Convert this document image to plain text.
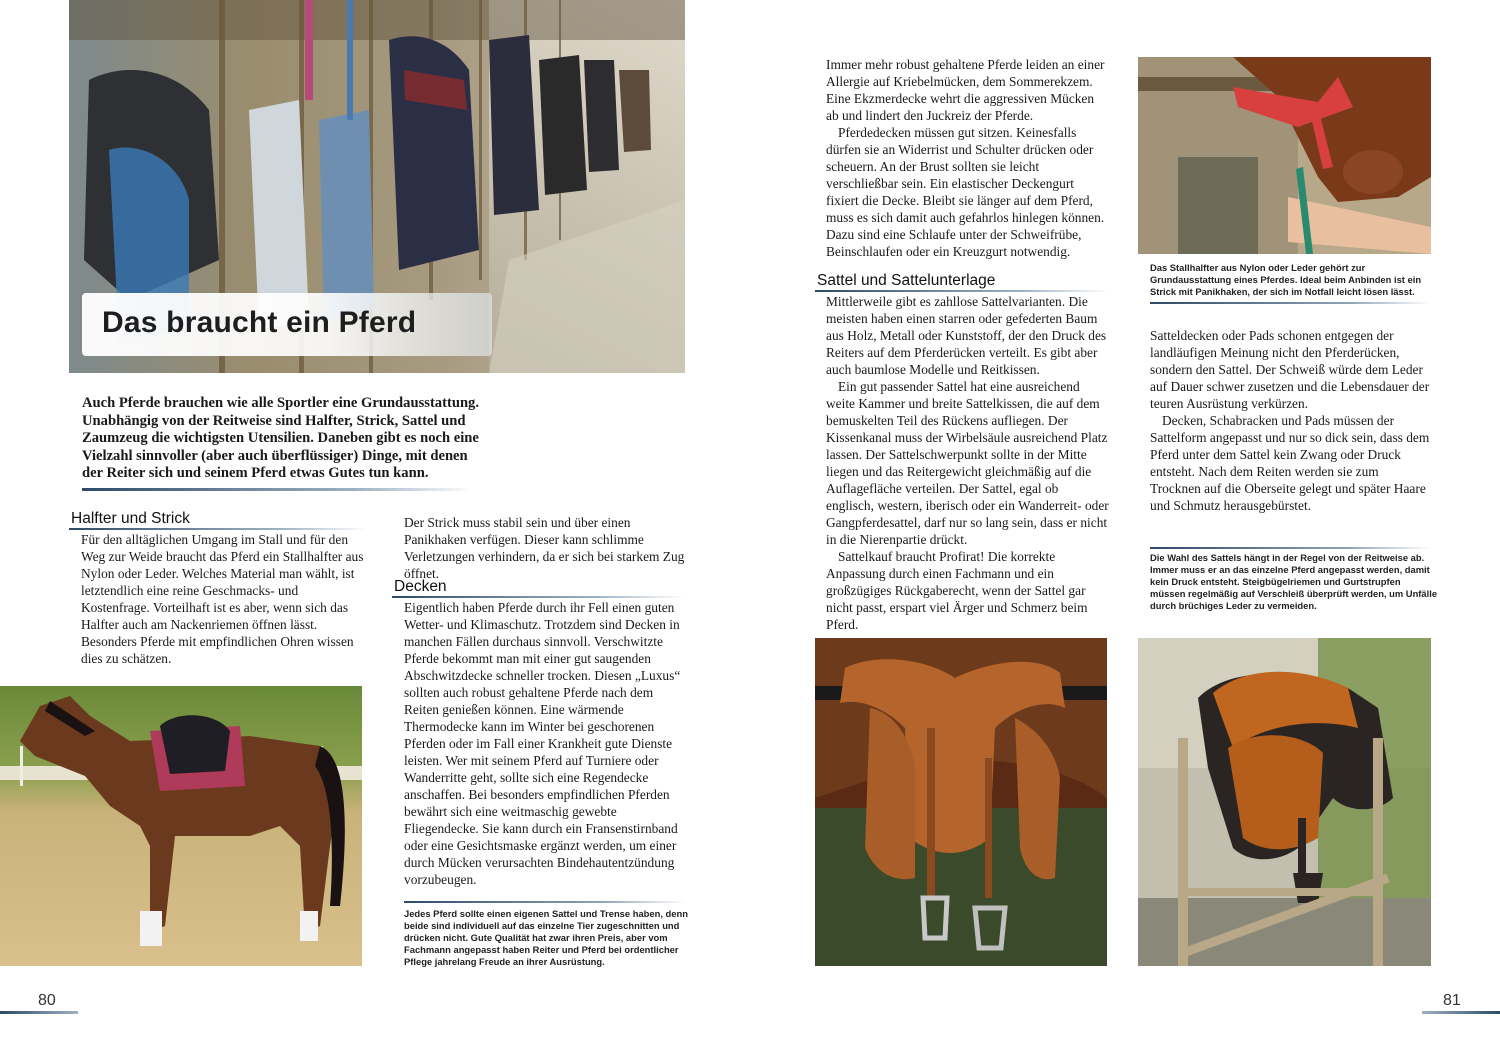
Das braucht ein Pferd

Auch Pferde brauchen wie alle Sportler eine Grundausstattung. Unabhängig von der Reitweise sind Halfter, Strick, Sattel und Zaumzeug die wichtigsten Utensilien. Daneben gibt es noch eine Vielzahl sinnvoller (aber auch überflüssiger) Dinge, mit denen der Reiter sich und seinem Pferd etwas Gutes tun kann.

Halfter und Strick

Für den alltäglichen Umgang im Stall und für den Weg zur Weide braucht das Pferd ein Stallhalfter aus Nylon oder Leder. Welches Material man wählt, ist letztendlich eine reine Geschmacks- und Kostenfrage. Vorteilhaft ist es aber, wenn sich das Halfter auch am Nackenriemen öffnen lässt. Besonders Pferde mit empfindlichen Ohren wissen dies zu schätzen.

Der Strick muss stabil sein und über einen Panikhaken verfügen. Dieser kann schlimme Verletzungen verhindern, da er sich bei starkem Zug öffnet.

Decken

Eigentlich haben Pferde durch ihr Fell einen guten Wetter- und Klimaschutz. Trotzdem sind Decken in manchen Fällen durchaus sinnvoll. Verschwitzte Pferde bekommt man mit einer gut saugenden Abschwitzdecke schneller trocken. Diesen „Luxus“ sollten auch robust gehaltene Pferde nach dem Reiten genießen können. Eine wärmende Thermodecke kann im Winter bei geschorenen Pferden oder im Fall einer Krankheit gute Dienste leisten. Wer mit seinem Pferd auf Turniere oder Wanderritte geht, sollte sich eine Regendecke anschaffen. Bei besonders empfindlichen Pferden bewährt sich eine weitmaschig gewebte Fliegendecke. Sie kann durch ein Fransenstirnband oder eine Gesichtsmaske ergänzt werden, um einer durch Mücken verursachten Bindehautentzündung vorzubeugen.

Jedes Pferd sollte einen eigenen Sattel und Trense haben, denn beide sind individuell auf das einzelne Tier zugeschnitten und drücken nicht. Gute Qualität hat zwar ihren Preis, aber vom Fachmann angepasst haben Reiter und Pferd bei ordentlicher Pflege jahrelang Freude an ihrer Ausrüstung.

80

Immer mehr robust gehaltene Pferde leiden an einer Allergie auf Kriebelmücken, dem Sommerekzem. Eine Ekzmerdecke wehrt die aggressiven Mücken ab und lindert den Juckreiz der Pferde.

Pferdedecken müssen gut sitzen. Keinesfalls dürfen sie an Widerrist und Schulter drücken oder scheuern. An der Brust sollten sie leicht verschließbar sein. Ein elastischer Deckengurt fixiert die Decke. Bleibt sie länger auf dem Pferd, muss es sich damit auch gefahrlos hinlegen können. Dazu sind eine Schlaufe unter der Schweifrübe, Beinschlaufen oder ein Kreuzgurt notwendig.

Sattel und Sattelunterlage

Mittlerweile gibt es zahllose Sattelvarianten. Die meisten haben einen starren oder gefederten Baum aus Holz, Metall oder Kunststoff, der den Druck des Reiters auf dem Pferderücken verteilt. Es gibt aber auch baumlose Modelle und Reitkissen.

Ein gut passender Sattel hat eine ausreichend weite Kammer und breite Sattelkissen, die auf dem bemuskelten Teil des Rückens aufliegen. Der Kissenkanal muss der Wirbelsäule ausreichend Platz lassen. Der Sattelschwerpunkt sollte in der Mitte liegen und das Reitergewicht gleichmäßig auf die Auflagefläche verteilen. Der Sattel, egal ob englisch, western, iberisch oder ein Wanderreit- oder Gangpferdesattel, darf nur so lang sein, dass er nicht in die Nierenpartie drückt.

Sattelkauf braucht Profirat! Die korrekte Anpassung durch einen Fachmann und ein großzügiges Rückgaberecht, wenn der Sattel gar nicht passt, erspart viel Ärger und Schmerz beim Pferd.

Das Stallhalfter aus Nylon oder Leder gehört zur Grundausstattung eines Pferdes. Ideal beim Anbinden ist ein Strick mit Panikhaken, der sich im Notfall leicht lösen lässt.

Satteldecken oder Pads schonen entgegen der landläufigen Meinung nicht den Pferderücken, sondern den Sattel. Der Schweiß würde dem Leder auf Dauer schwer zusetzen und die Lebensdauer der teuren Ausrüstung verkürzen.

Decken, Schabracken und Pads müssen der Sattelform angepasst und nur so dick sein, dass dem Pferd unter dem Sattel kein Zwang oder Druck entsteht. Nach dem Reiten werden sie zum Trocknen auf die Oberseite gelegt und später Haare und Schmutz herausgebürstet.

Die Wahl des Sattels hängt in der Regel von der Reitweise ab. Immer muss er an das einzelne Pferd angepasst werden, damit kein Druck entsteht. Steigbügelriemen und Gurtstrupfen müssen regelmäßig auf Verschleiß überprüft werden, um Unfälle durch brüchiges Leder zu vermeiden.

81
